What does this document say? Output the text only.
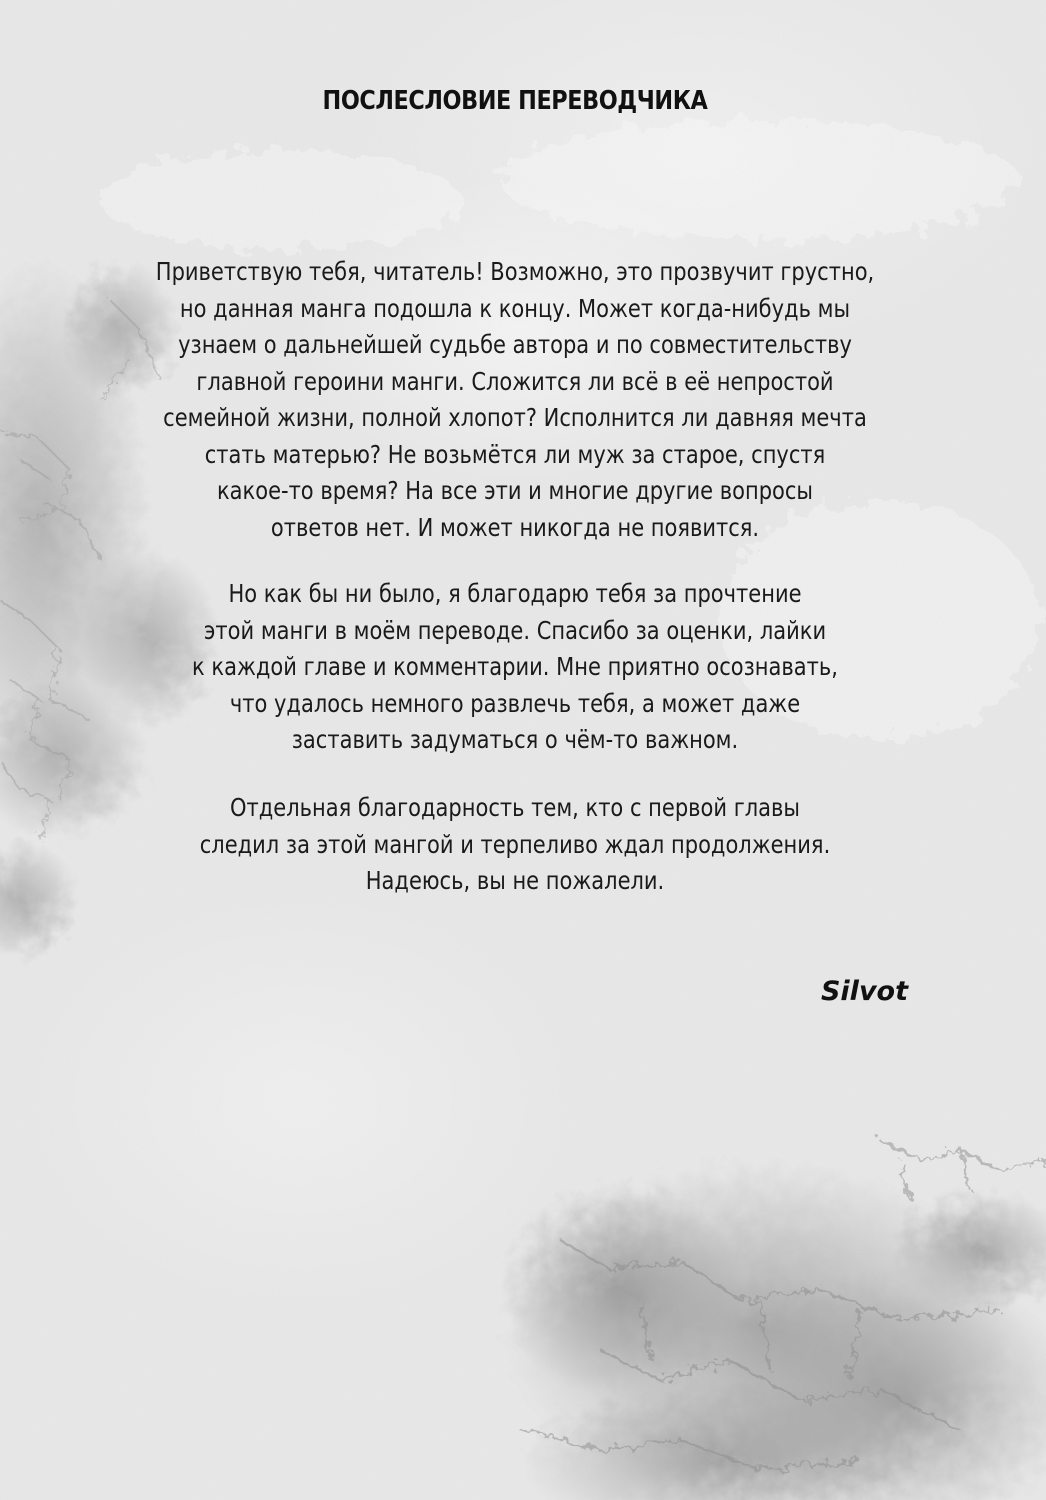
ПОСЛЕСЛОВИЕ ПЕРЕВОДЧИКА
Приветствую тебя, читатель! Возможно, это прозвучит грустно,
но данная манга подошла к концу. Может когда-нибудь мы
узнаем о дальнейшей судьбе автора и по совместительству
главной героини манги. Сложится ли всё в её непростой
семейной жизни, полной хлопот? Исполнится ли давняя мечта
стать матерью? Не возьмётся ли муж за старое, спустя
какое-то время? На все эти и многие другие вопросы
ответов нет. И может никогда не появится.
Но как бы ни было, я благодарю тебя за прочтение
этой манги в моём переводе. Спасибо за оценки, лайки
к каждой главе и комментарии. Мне приятно осознавать,
что удалось немного развлечь тебя, а может даже
заставить задуматься о чём-то важном.
Отдельная благодарность тем, кто с первой главы
следил за этой мангой и терпеливо ждал продолжения.
Надеюсь, вы не пожалели.
Silvot
